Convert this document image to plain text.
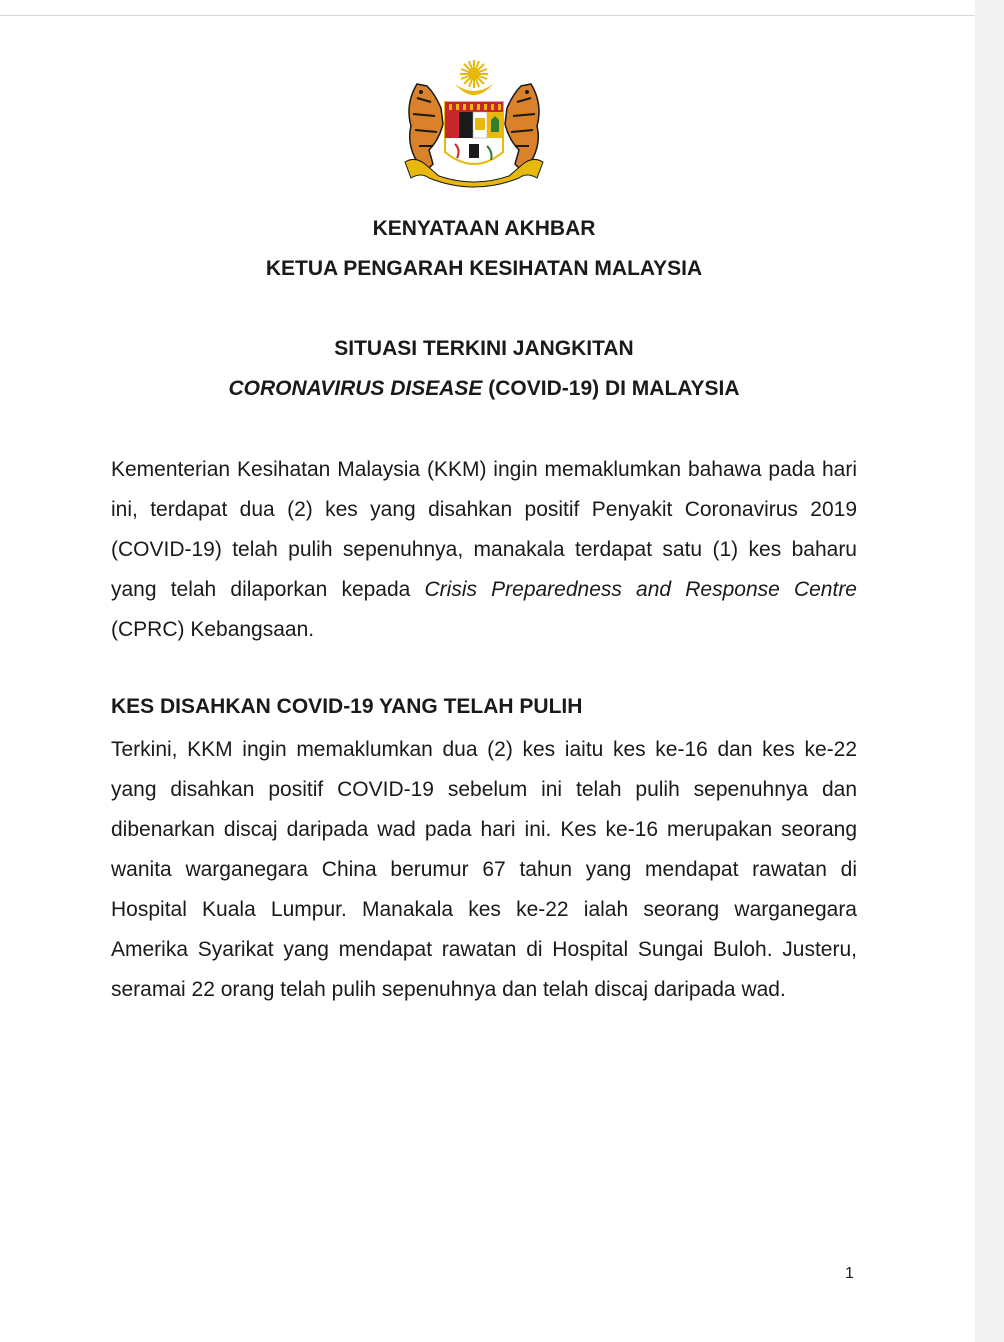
KENYATAAN AKHBAR
KETUA PENGARAH KESIHATAN MALAYSIA
SITUASI TERKINI JANGKITAN
CORONAVIRUS DISEASE (COVID-19) DI MALAYSIA

Kementerian Kesihatan Malaysia (KKM) ingin memaklumkan bahawa pada hari ini, terdapat dua (2) kes yang disahkan positif Penyakit Coronavirus 2019 (COVID-19) telah pulih sepenuhnya, manakala terdapat satu (1) kes baharu yang telah dilaporkan kepada Crisis Preparedness and Response Centre (CPRC) Kebangsaan.

KES DISAHKAN COVID-19 YANG TELAH PULIH

Terkini, KKM ingin memaklumkan dua (2) kes iaitu kes ke-16 dan kes ke-22 yang disahkan positif COVID-19 sebelum ini telah pulih sepenuhnya dan dibenarkan discaj daripada wad pada hari ini. Kes ke-16 merupakan seorang wanita warganegara China berumur 67 tahun yang mendapat rawatan di Hospital Kuala Lumpur. Manakala kes ke-22 ialah seorang warganegara Amerika Syarikat yang mendapat rawatan di Hospital Sungai Buloh. Justeru, seramai 22 orang telah pulih sepenuhnya dan telah discaj daripada wad.

1
